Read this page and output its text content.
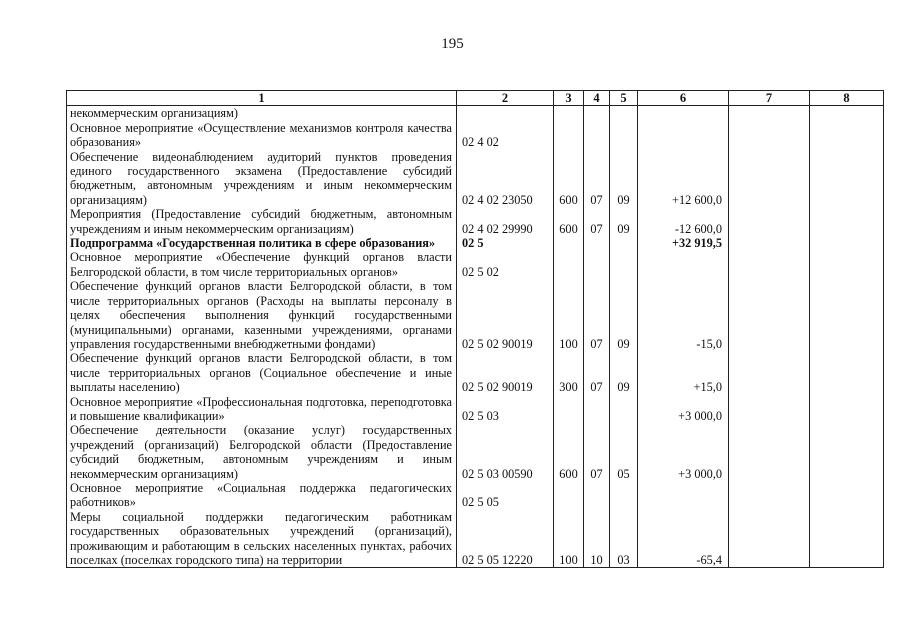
195
1	2	3	4	5	6	7	8
некоммерческим организациям)							
Основное мероприятие «Осуществление механизмов контроля качества образования»	02 4 02						
Обеспечение видеонаблюдением аудиторий пунктов проведения единого государственного экзамена (Предоставление субсидий бюджетным, автономным учреждениям и иным некоммерческим организациям)	02 4 02 23050	600	07	09	+12 600,0		
Мероприятия (Предоставление субсидий бюджетным, автономным учреждениям и иным некоммерческим организациям)	02 4 02 29990	600	07	09	-12 600,0		
Подпрограмма «Государственная политика в сфере образования»	02 5				+32 919,5		
Основное мероприятие «Обеспечение функций органов власти Белгородской области, в том числе территориальных органов»	02 5 02						
Обеспечение функций органов власти Белгородской области, в том числе территориальных органов (Расходы на выплаты персоналу в целях обеспечения выполнения функций государственными (муниципальными) органами, казенными учреждениями, органами управления государственными внебюджетными фондами)	02 5 02 90019	100	07	09	-15,0		
Обеспечение функций органов власти Белгородской области, в том числе территориальных органов (Социальное обеспечение и иные выплаты населению)	02 5 02 90019	300	07	09	+15,0		
Основное мероприятие «Профессиональная подготовка, переподготовка и повышение квалификации»	02 5 03				+3 000,0		
Обеспечение деятельности (оказание услуг) государственных учреждений (организаций) Белгородской области (Предоставление субсидий бюджетным, автономным учреждениям и иным некоммерческим организациям)	02 5 03 00590	600	07	05	+3 000,0		
Основное мероприятие «Социальная поддержка педагогических работников»	02 5 05						
Меры социальной поддержки педагогическим работникам государственных образовательных учреждений (организаций), проживающим и работающим в сельских населенных пунктах, рабочих поселках (поселках городского типа) на территории	02 5 05 12220	100	10	03	-65,4		
